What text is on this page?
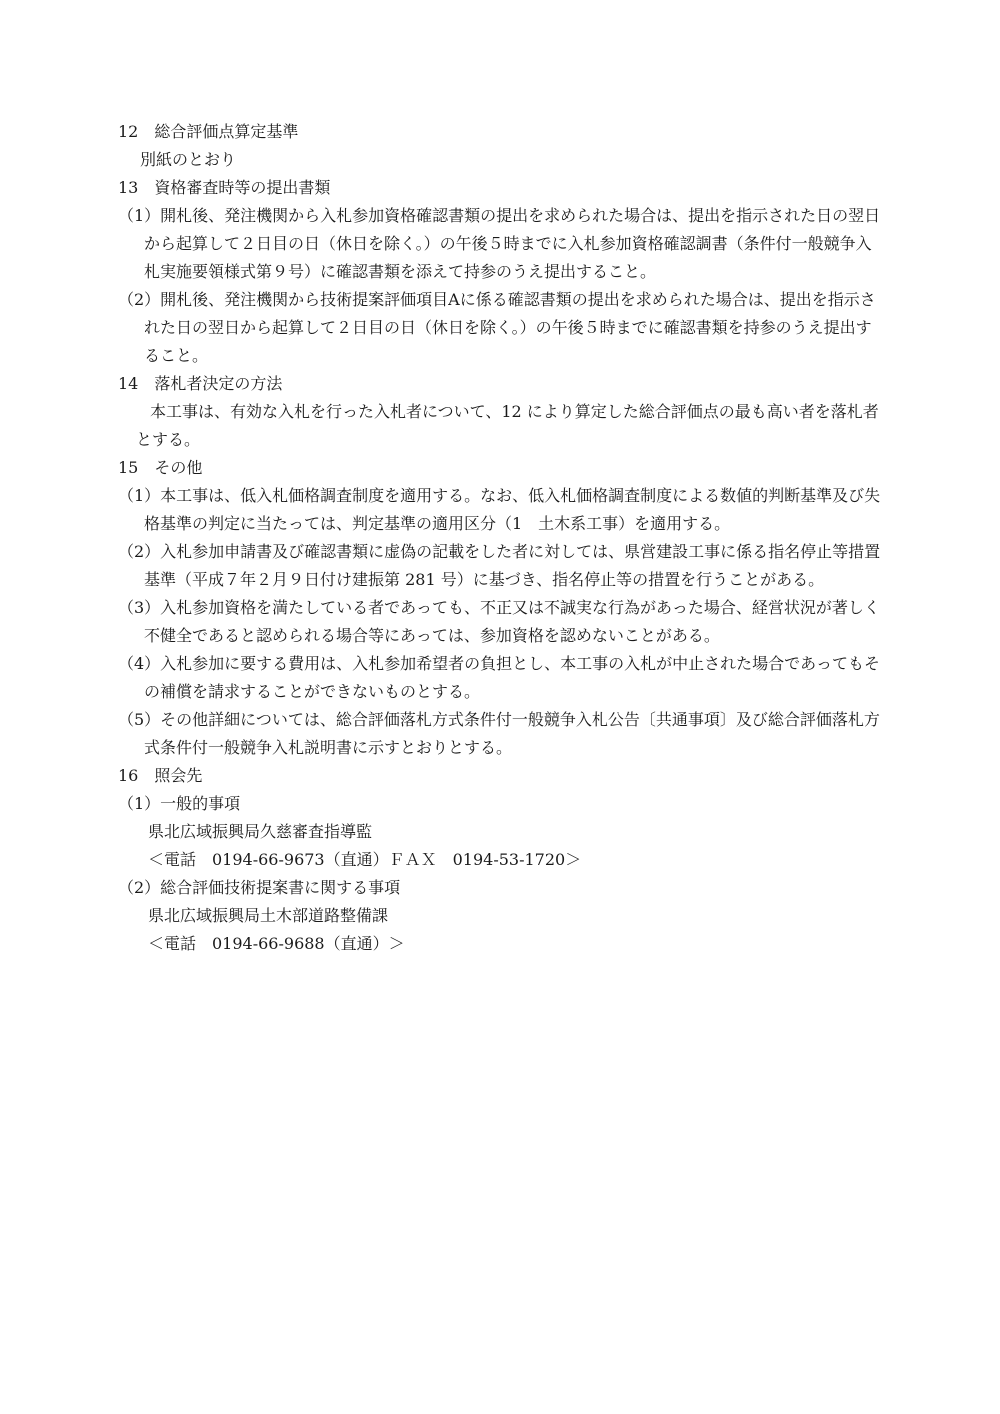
12　総合評価点算定基準
別紙のとおり
13　資格審査時等の提出書類
（1）開札後、発注機関から入札参加資格確認書類の提出を求められた場合は、提出を指示された日の翌日
から起算して２日目の日（休日を除く。）の午後５時までに入札参加資格確認調書（条件付一般競争入
札実施要領様式第９号）に確認書類を添えて持参のうえ提出すること。
（2）開札後、発注機関から技術提案評価項目Aに係る確認書類の提出を求められた場合は、提出を指示さ
れた日の翌日から起算して２日目の日（休日を除く。）の午後５時までに確認書類を持参のうえ提出す
ること。
14　落札者決定の方法
本工事は、有効な入札を行った入札者について、12 により算定した総合評価点の最も高い者を落札者
とする。
15　その他
（1）本工事は、低入札価格調査制度を適用する。なお、低入札価格調査制度による数値的判断基準及び失
格基準の判定に当たっては、判定基準の適用区分（1　土木系工事）を適用する。
（2）入札参加申請書及び確認書類に虚偽の記載をした者に対しては、県営建設工事に係る指名停止等措置
基準（平成７年２月９日付け建振第 281 号）に基づき、指名停止等の措置を行うことがある。
（3）入札参加資格を満たしている者であっても、不正又は不誠実な行為があった場合、経営状況が著しく
不健全であると認められる場合等にあっては、参加資格を認めないことがある。
（4）入札参加に要する費用は、入札参加希望者の負担とし、本工事の入札が中止された場合であってもそ
の補償を請求することができないものとする。
（5）その他詳細については、総合評価落札方式条件付一般競争入札公告〔共通事項〕及び総合評価落札方
式条件付一般競争入札説明書に示すとおりとする。
16　照会先
（1）一般的事項
県北広域振興局久慈審査指導監
＜電話　0194-66-9673（直通）ＦＡＸ　0194-53-1720＞
（2）総合評価技術提案書に関する事項
県北広域振興局土木部道路整備課
＜電話　0194-66-9688（直通）＞
